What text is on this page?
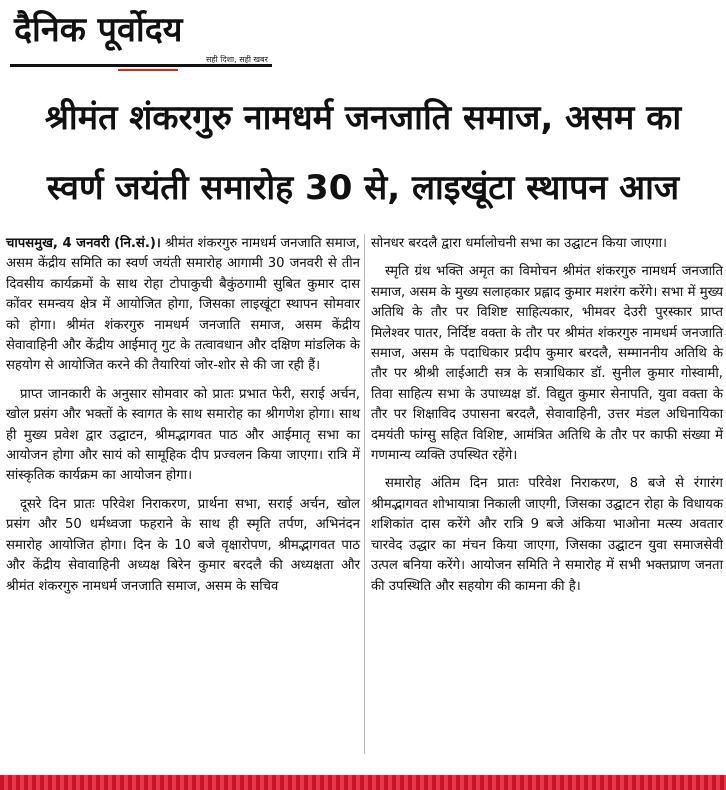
दैनिक पूर्वोदय
सही दिशा, सही खबर
श्रीमंत शंकरगुरु नामधर्म जनजाति समाज, असम का
स्वर्ण जयंती समारोह 30 से, लाइखूंटा स्थापन आज

चापसमुख, 4 जनवरी (नि.सं.)। श्रीमंत शंकरगुरु नामधर्म जनजाति समाज, असम केंद्रीय समिति का स्वर्ण जयंती समारोह आगामी 30 जनवरी से तीन दिवसीय कार्यक्रमों के साथ रोहा टोपाकुची बैकुंठगामी सुबित कुमार दास कोंवर समन्वय क्षेत्र में आयोजित होगा, जिसका लाइखूंटा स्थापन सोमवार को होगा। श्रीमंत शंकरगुरु नामधर्म जनजाति समाज, असम केंद्रीय सेवावाहिनी और केंद्रीय आईमातृ गुट के तत्वावधान और दक्षिण मांडलिक के सहयोग से आयोजित करने की तैयारियां जोर-शोर से की जा रही हैं।

प्राप्त जानकारी के अनुसार सोमवार को प्रातः प्रभात फेरी, सराई अर्चन, खोल प्रसंग और भक्तों के स्वागत के साथ समारोह का श्रीगणेश होगा। साथ ही मुख्य प्रवेश द्वार उद्घाटन, श्रीमद्भागवत पाठ और आईमातृ सभा का आयोजन होगा और सायं को सामूहिक दीप प्रज्वलन किया जाएगा। रात्रि में सांस्कृतिक कार्यक्रम का आयोजन होगा।

दूसरे दिन प्रातः परिवेश निराकरण, प्रार्थना सभा, सराई अर्चन, खोल प्रसंग और 50 धर्मध्वजा फहराने के साथ ही स्मृति तर्पण, अभिनंदन समारोह आयोजित होगा। दिन के 10 बजे वृक्षारोपण, श्रीमद्भागवत पाठ और केंद्रीय सेवावाहिनी अध्यक्ष बिरेन कुमार बरदलै की अध्यक्षता और श्रीमंत शंकरगुरु नामधर्म जनजाति समाज, असम के सचिव

सोनधर बरदलै द्वारा धर्मालोचनी सभा का उद्घाटन किया जाएगा।

स्मृति ग्रंथ भक्ति अमृत का विमोचन श्रीमंत शंकरगुरु नामधर्म जनजाति समाज, असम के मुख्य सलाहकार प्रह्लाद कुमार मशरंग करेंगे। सभा में मुख्य अतिथि के तौर पर विशिष्ट साहित्यकार, भीमवर देउरी पुरस्कार प्राप्त मिलेश्वर पातर, निर्दिष्ट वक्ता के तौर पर श्रीमंत शंकरगुरु नामधर्म जनजाति समाज, असम के पदाधिकार प्रदीप कुमार बरदलै, सम्माननीय अतिथि के तौर पर श्रीश्री लाईआटी सत्र के सत्राधिकार डॉ. सुनील कुमार गोस्वामी, तिवा साहित्य सभा के उपाध्यक्ष डॉ. विद्युत कुमार सेनापति, युवा वक्ता के तौर पर शिक्षाविद उपासना बरदलै, सेवावाहिनी, उत्तर मंडल अधिनायिका दमयंती फांग्सु सहित विशिष्ट, आमंत्रित अतिथि के तौर पर काफी संख्या में गणमान्य व्यक्ति उपस्थित रहेंगे।

समारोह अंतिम दिन प्रातः परिवेश निराकरण, 8 बजे से रंगारंग श्रीमद्भागवत शोभायात्रा निकाली जाएगी, जिसका उद्घाटन रोहा के विधायक शशिकांत दास करेंगे और रात्रि 9 बजे अंकिया भाओना मत्स्य अवतार चारवेद उद्धार का मंचन किया जाएगा, जिसका उद्घाटन युवा समाजसेवी उत्पल बनिया करेंगे। आयोजन समिति ने समारोह में सभी भक्तप्राण जनता की उपस्थिति और सहयोग की कामना की है।
